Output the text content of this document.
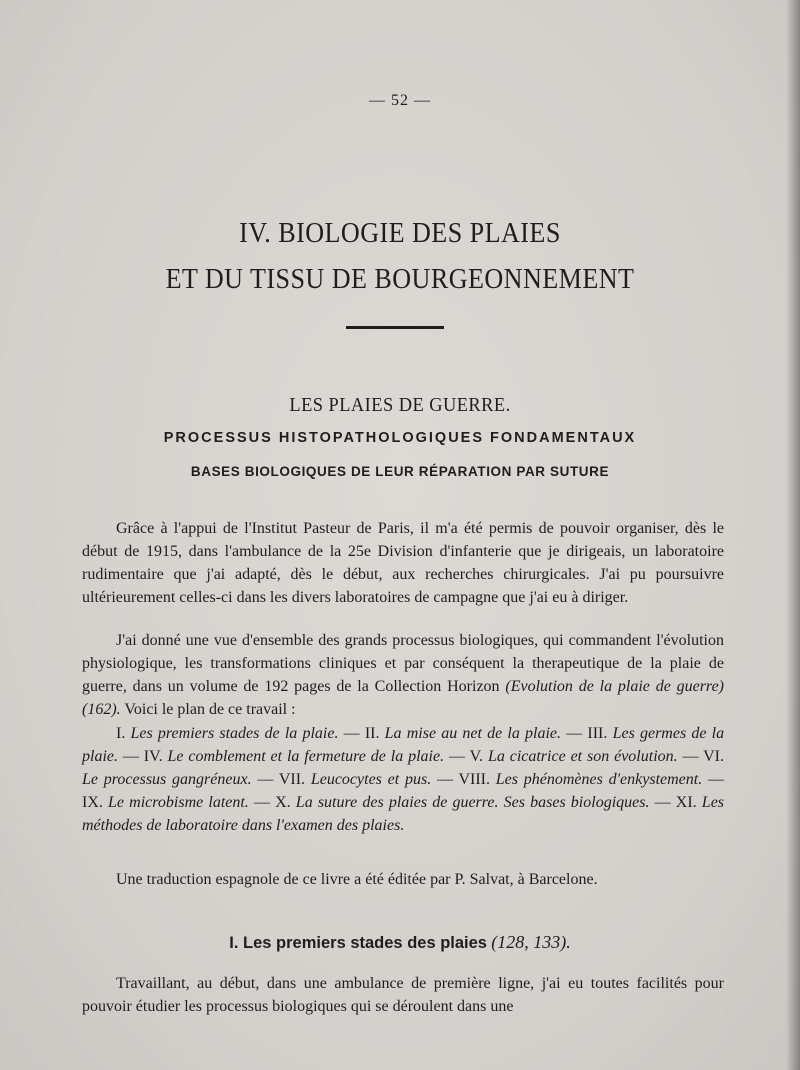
— 52 —
IV. BIOLOGIE DES PLAIES
ET DU TISSU DE BOURGEONNEMENT
LES PLAIES DE GUERRE.
PROCESSUS HISTOPATHOLOGIQUES FONDAMENTAUX
BASES BIOLOGIQUES DE LEUR RÉPARATION PAR SUTURE

Grâce à l'appui de l'Institut Pasteur de Paris, il m'a été permis de pouvoir organiser, dès le début de 1915, dans l'ambulance de la 25e Division d'infanterie que je dirigeais, un laboratoire rudimentaire que j'ai adapté, dès le début, aux recherches chirurgicales. J'ai pu poursuivre ultérieurement celles-ci dans les divers laboratoires de campagne que j'ai eu à diriger.

J'ai donné une vue d'ensemble des grands processus biologiques, qui commandent l'évolution physiologique, les transformations cliniques et par conséquent la therapeutique de la plaie de guerre, dans un volume de 192 pages de la Collection Horizon (Evolution de la plaie de guerre) (162). Voici le plan de ce travail :

I. Les premiers stades de la plaie. — II. La mise au net de la plaie. — III. Les germes de la plaie. — IV. Le comblement et la fermeture de la plaie. — V. La cicatrice et son évolution. — VI. Le processus gangréneux. — VII. Leucocytes et pus. — VIII. Les phénomènes d'enkystement. — IX. Le microbisme latent. — X. La suture des plaies de guerre. Ses bases biologiques. — XI. Les méthodes de laboratoire dans l'examen des plaies.

Une traduction espagnole de ce livre a été éditée par P. Salvat, à Barcelone.

I. Les premiers stades des plaies (128, 133).

Travaillant, au début, dans une ambulance de première ligne, j'ai eu toutes facilités pour pouvoir étudier les processus biologiques qui se déroulent dans une
